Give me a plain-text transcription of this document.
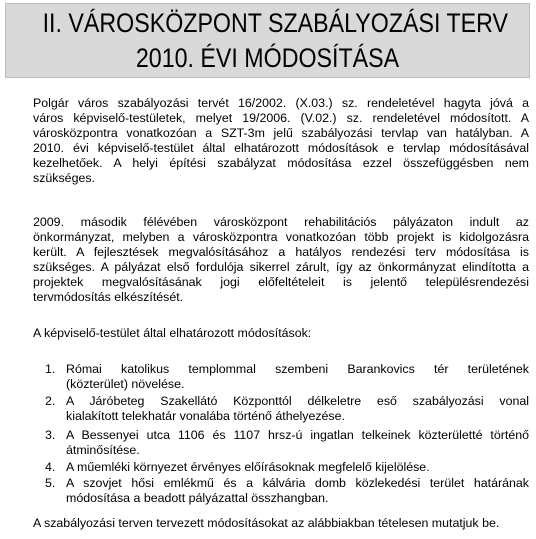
II. VÁROSKÖZPONT SZABÁLYOZÁSI TERV
2010. ÉVI MÓDOSÍTÁSA
Polgár város szabályozási tervét 16/2002. (X.03.) sz. rendeletével hagyta jóvá a
város képviselő-testületek, melyet 19/2006. (V.02.) sz. rendeletével módosított. A
városközpontra vonatkozóan a SZT-3m jelű szabályozási tervlap van hatályban. A
2010. évi képviselő-testület által elhatározott módosítások e tervlap módosításával
kezelhetőek. A helyi építési szabályzat módosítása ezzel összefüggésben nem
szükséges.
2009. második félévében városközpont rehabilitációs pályázaton indult az
önkormányzat, melyben a városközpontra vonatkozóan több projekt is kidolgozásra
került. A fejlesztések megvalósításához a hatályos rendezési terv módosítása is
szükséges. A pályázat első fordulója sikerrel zárult, így az önkormányzat elindította a
projektek megvalósításának jogi előfeltételeit is jelentő településrendezési
tervmódosítás elkészítését.
A képviselő-testület által elhatározott módosítások:
1. Római katolikus templommal szembeni Barankovics tér területének
(közterület) növelése.
2. A Járóbeteg Szakellátó Központtól délkeletre eső szabályozási vonal
kialakított telekhatár vonalába történő áthelyezése.
3. A Bessenyei utca 1106 és 1107 hrsz-ú ingatlan telkeinek közterületté történő
átminősítése.
4. A műemléki környezet érvényes előírásoknak megfelelő kijelölése.
5. A szovjet hősi emlékmű és a kálvária domb közlekedési terület határának
módosítása a beadott pályázattal összhangban.
A szabályozási terven tervezett módosításokat az alábbiakban tételesen mutatjuk be.
